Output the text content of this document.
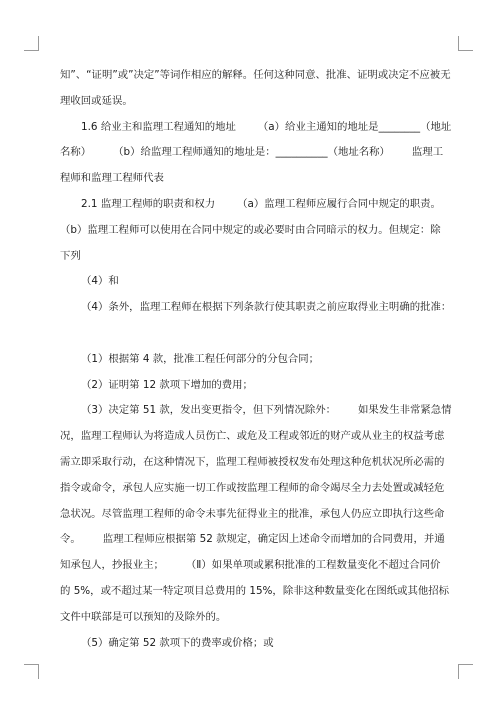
知”、“证明”或”决定”等词作相应的解释。任何这种同意、批准、证明或决定不应被无

理收回或延误。

1.6 给业主和监理工程通知的地址 （a）给业主通知的地址是________（地址

名称） （b）给监理工程师通知的地址是：__________（地址名称） 监理工

程师和监理工程师代表

2.1 监理工程师的职责和权力 （a）监理工程师应履行合同中规定的职责。

（b）监理工程师可以使用在合同中规定的或必要时由合同暗示的权力。但规定：除

下列

（4）和

（4）条外，监理工程师在根据下列条款行使其职责之前应取得业主明确的批准：

（1）根据第 4 款，批准工程任何部分的分包合同；

（2）证明第 12 款项下增加的费用；

（3）决定第 51 款，发出变更指令，但下列情况除外： 如果发生非常紧急情

况，监理工程师认为将造成人员伤亡、或危及工程或邻近的财产或从业主的权益考虑

需立即采取行动，在这种情况下，监理工程师被授权发布处理这种危机状况所必需的

指令或命令，承包人应实施一切工作或按监理工程师的命令竭尽全力去处置或减轻危

急状况。尽管监理工程师的命令未事先征得业主的批准，承包人仍应立即执行这些命

令。 监理工程师应根据第 52 款规定，确定因上述命令而增加的合同费用，并通

知承包人，抄报业主； （Ⅱ）如果单项或累积批准的工程数量变化不超过合同价

的 5%，或不超过某一特定项目总费用的 15%，除非这种数量变化在图纸或其他招标

文件中联部是可以预知的及除外的。

（5）确定第 52 款项下的费率或价格；或
